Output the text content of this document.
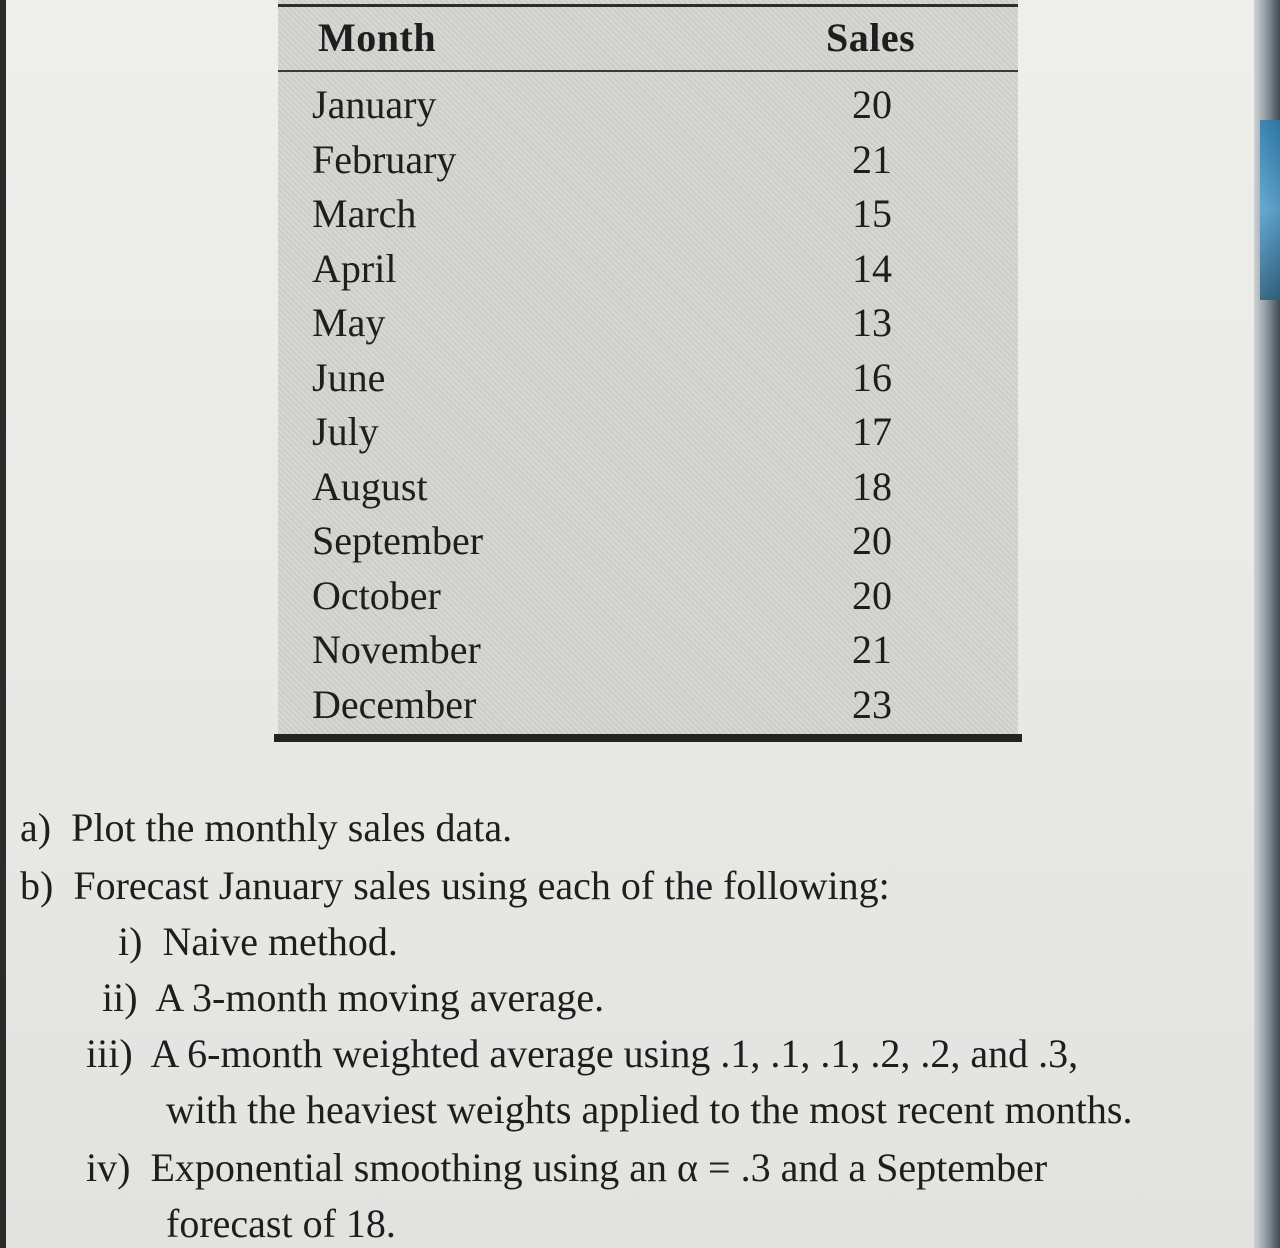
Month	Sales
January	20
February	21
March	15
April	14
May	13
June	16
July	17
August	18
September	20
October	20
November	21
December	23
a) Plot the monthly sales data.
b) Forecast January sales using each of the following:
i) Naive method.
ii) A 3-month moving average.
iii) A 6-month weighted average using .1, .1, .1, .2, .2, and .3,
with the heaviest weights applied to the most recent months.
iv) Exponential smoothing using an α = .3 and a September
forecast of 18.
